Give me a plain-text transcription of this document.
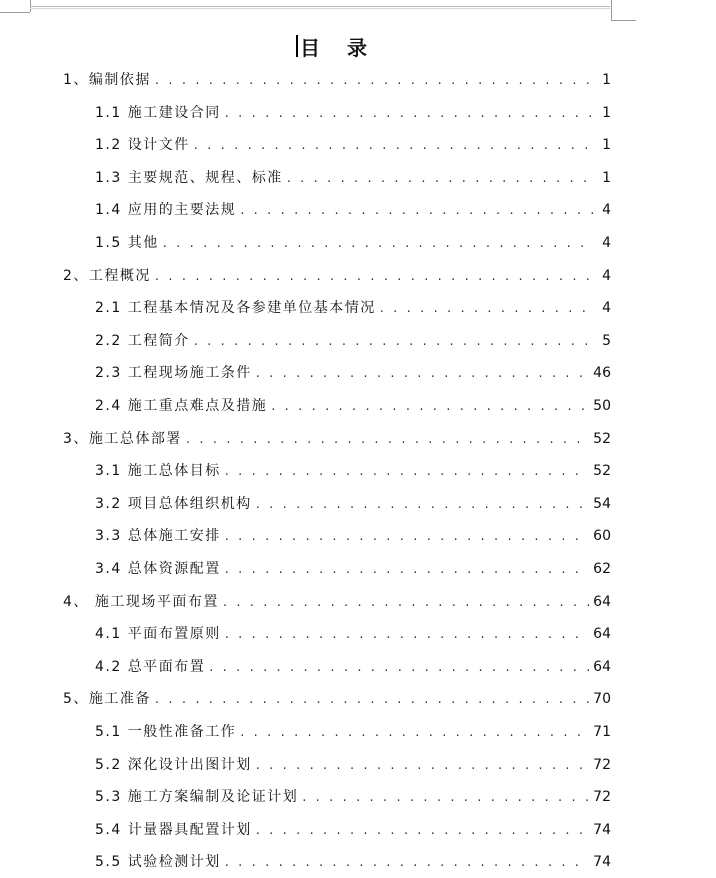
目 录
1、编制依据 . . .	1
1.1 施工建设合同 . . .	1
1.2 设计文件 . . .	1
1.3 主要规范、规程、标准 . . .	1
1.4 应用的主要法规 . . .	4
1.5 其他 . . .	4
2、工程概况 . . .	4
2.1 工程基本情况及各参建单位基本情况 . . .	4
2.2 工程简介 . . .	5
2.3 工程现场施工条件 . . .	46
2.4 施工重点难点及措施 . . .	50
3、施工总体部署 . . .	52
3.1 施工总体目标 . . .	52
3.2 项目总体组织机构 . . .	54
3.3 总体施工安排 . . .	60
3.4 总体资源配置 . . .	62
4、 施工现场平面布置 . . .	64
4.1 平面布置原则 . . .	64
4.2 总平面布置 . . .	64
5、施工准备 . . .	70
5.1 一般性准备工作 . . .	71
5.2 深化设计出图计划 . . .	72
5.3 施工方案编制及论证计划 . . .	72
5.4 计量器具配置计划 . . .	74
5.5 试验检测计划 . . .	74
